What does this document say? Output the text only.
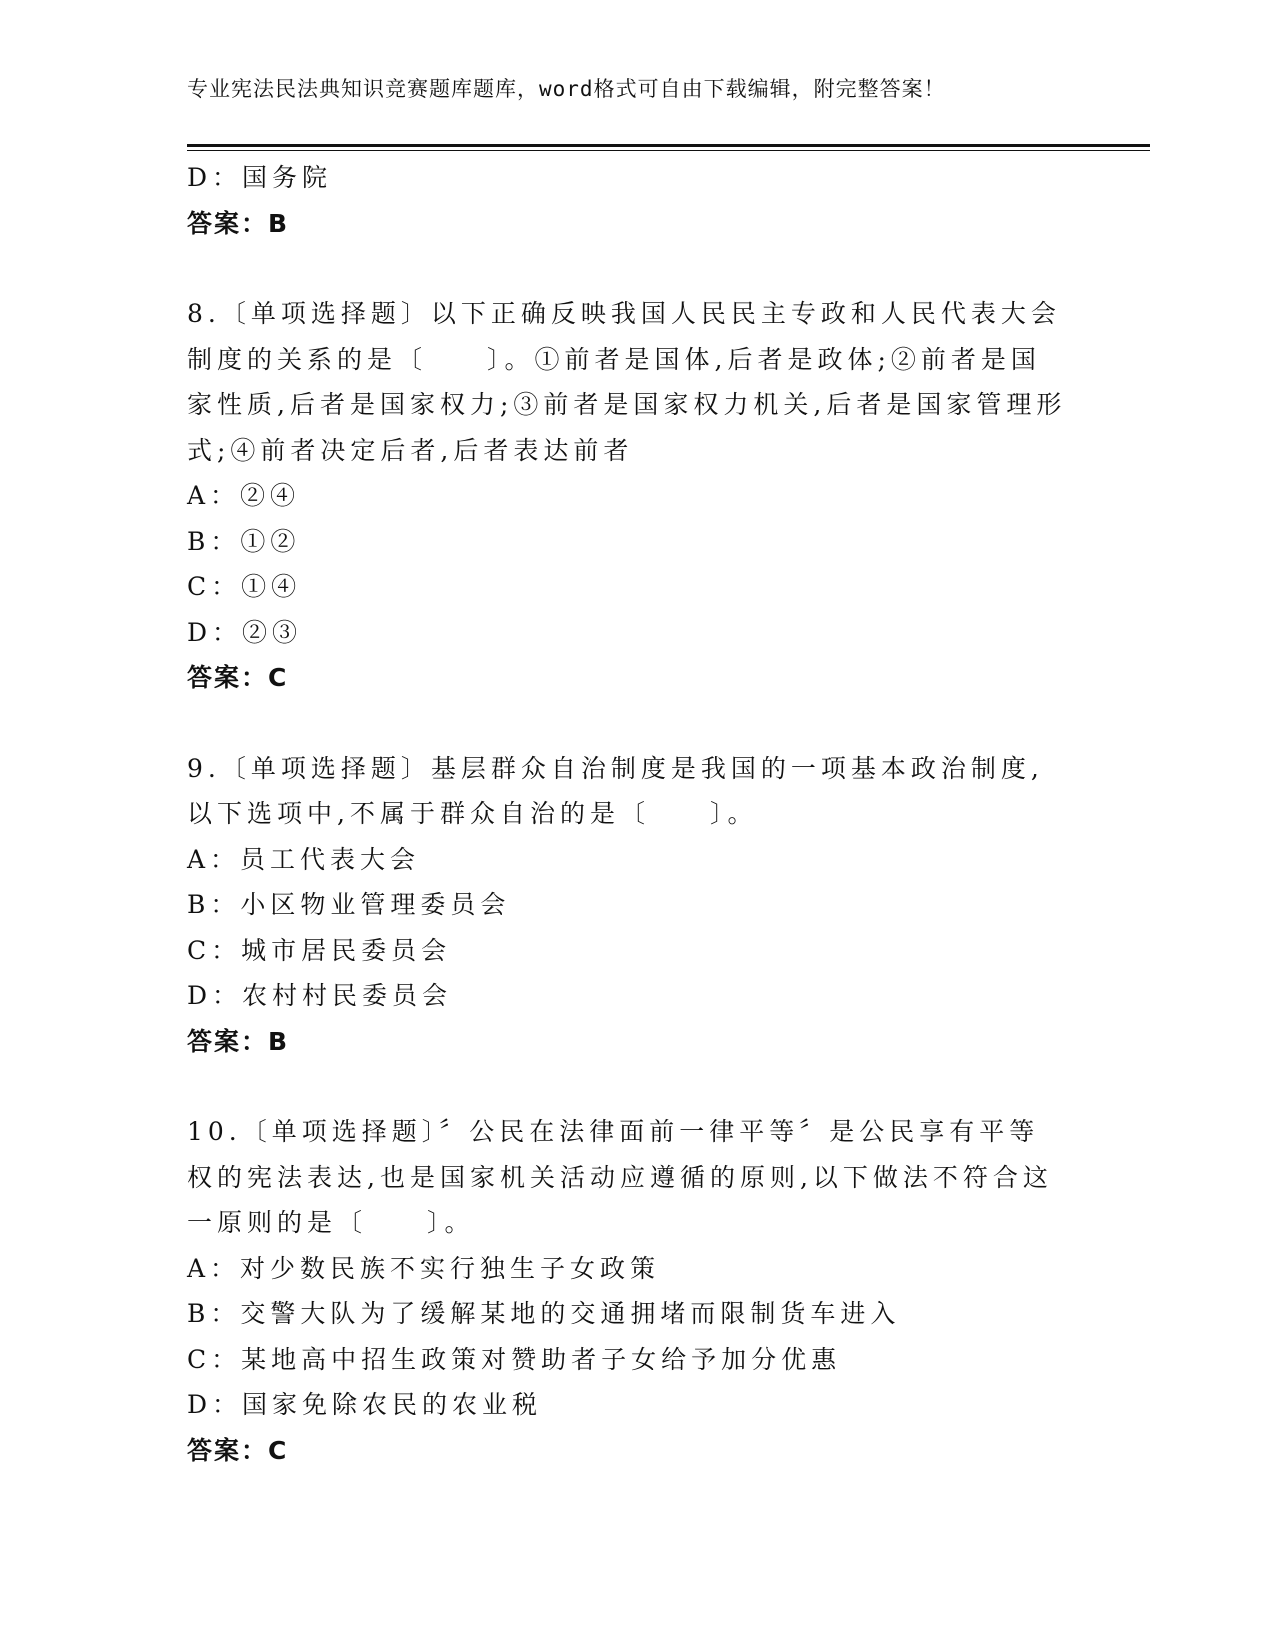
专业宪法民法典知识竞赛题库题库，word格式可自由下载编辑，附完整答案！
D：国务院
答案：B
8.〔单项选择题〕以下正确反映我国人民民主专政和人民代表大会制度的关系的是〔　　〕。①前者是国体,后者是政体;②前者是国家性质,后者是国家权力;③前者是国家权力机关,后者是国家管理形式;④前者决定后者,后者表达前者
A：②④
B：①②
C：①④
D：②③
答案：C
9.〔单项选择题〕基层群众自治制度是我国的一项基本政治制度,以下选项中,不属于群众自治的是〔　　〕。
A：员工代表大会
B：小区物业管理委员会
C：城市居民委员会
D：农村村民委员会
答案：B
10.〔单项选择题〕〞公民在法律面前一律平等〞是公民享有平等权的宪法表达,也是国家机关活动应遵循的原则,以下做法不符合这一原则的是〔　　〕。
A：对少数民族不实行独生子女政策
B：交警大队为了缓解某地的交通拥堵而限制货车进入
C：某地高中招生政策对赞助者子女给予加分优惠
D：国家免除农民的农业税
答案：C
